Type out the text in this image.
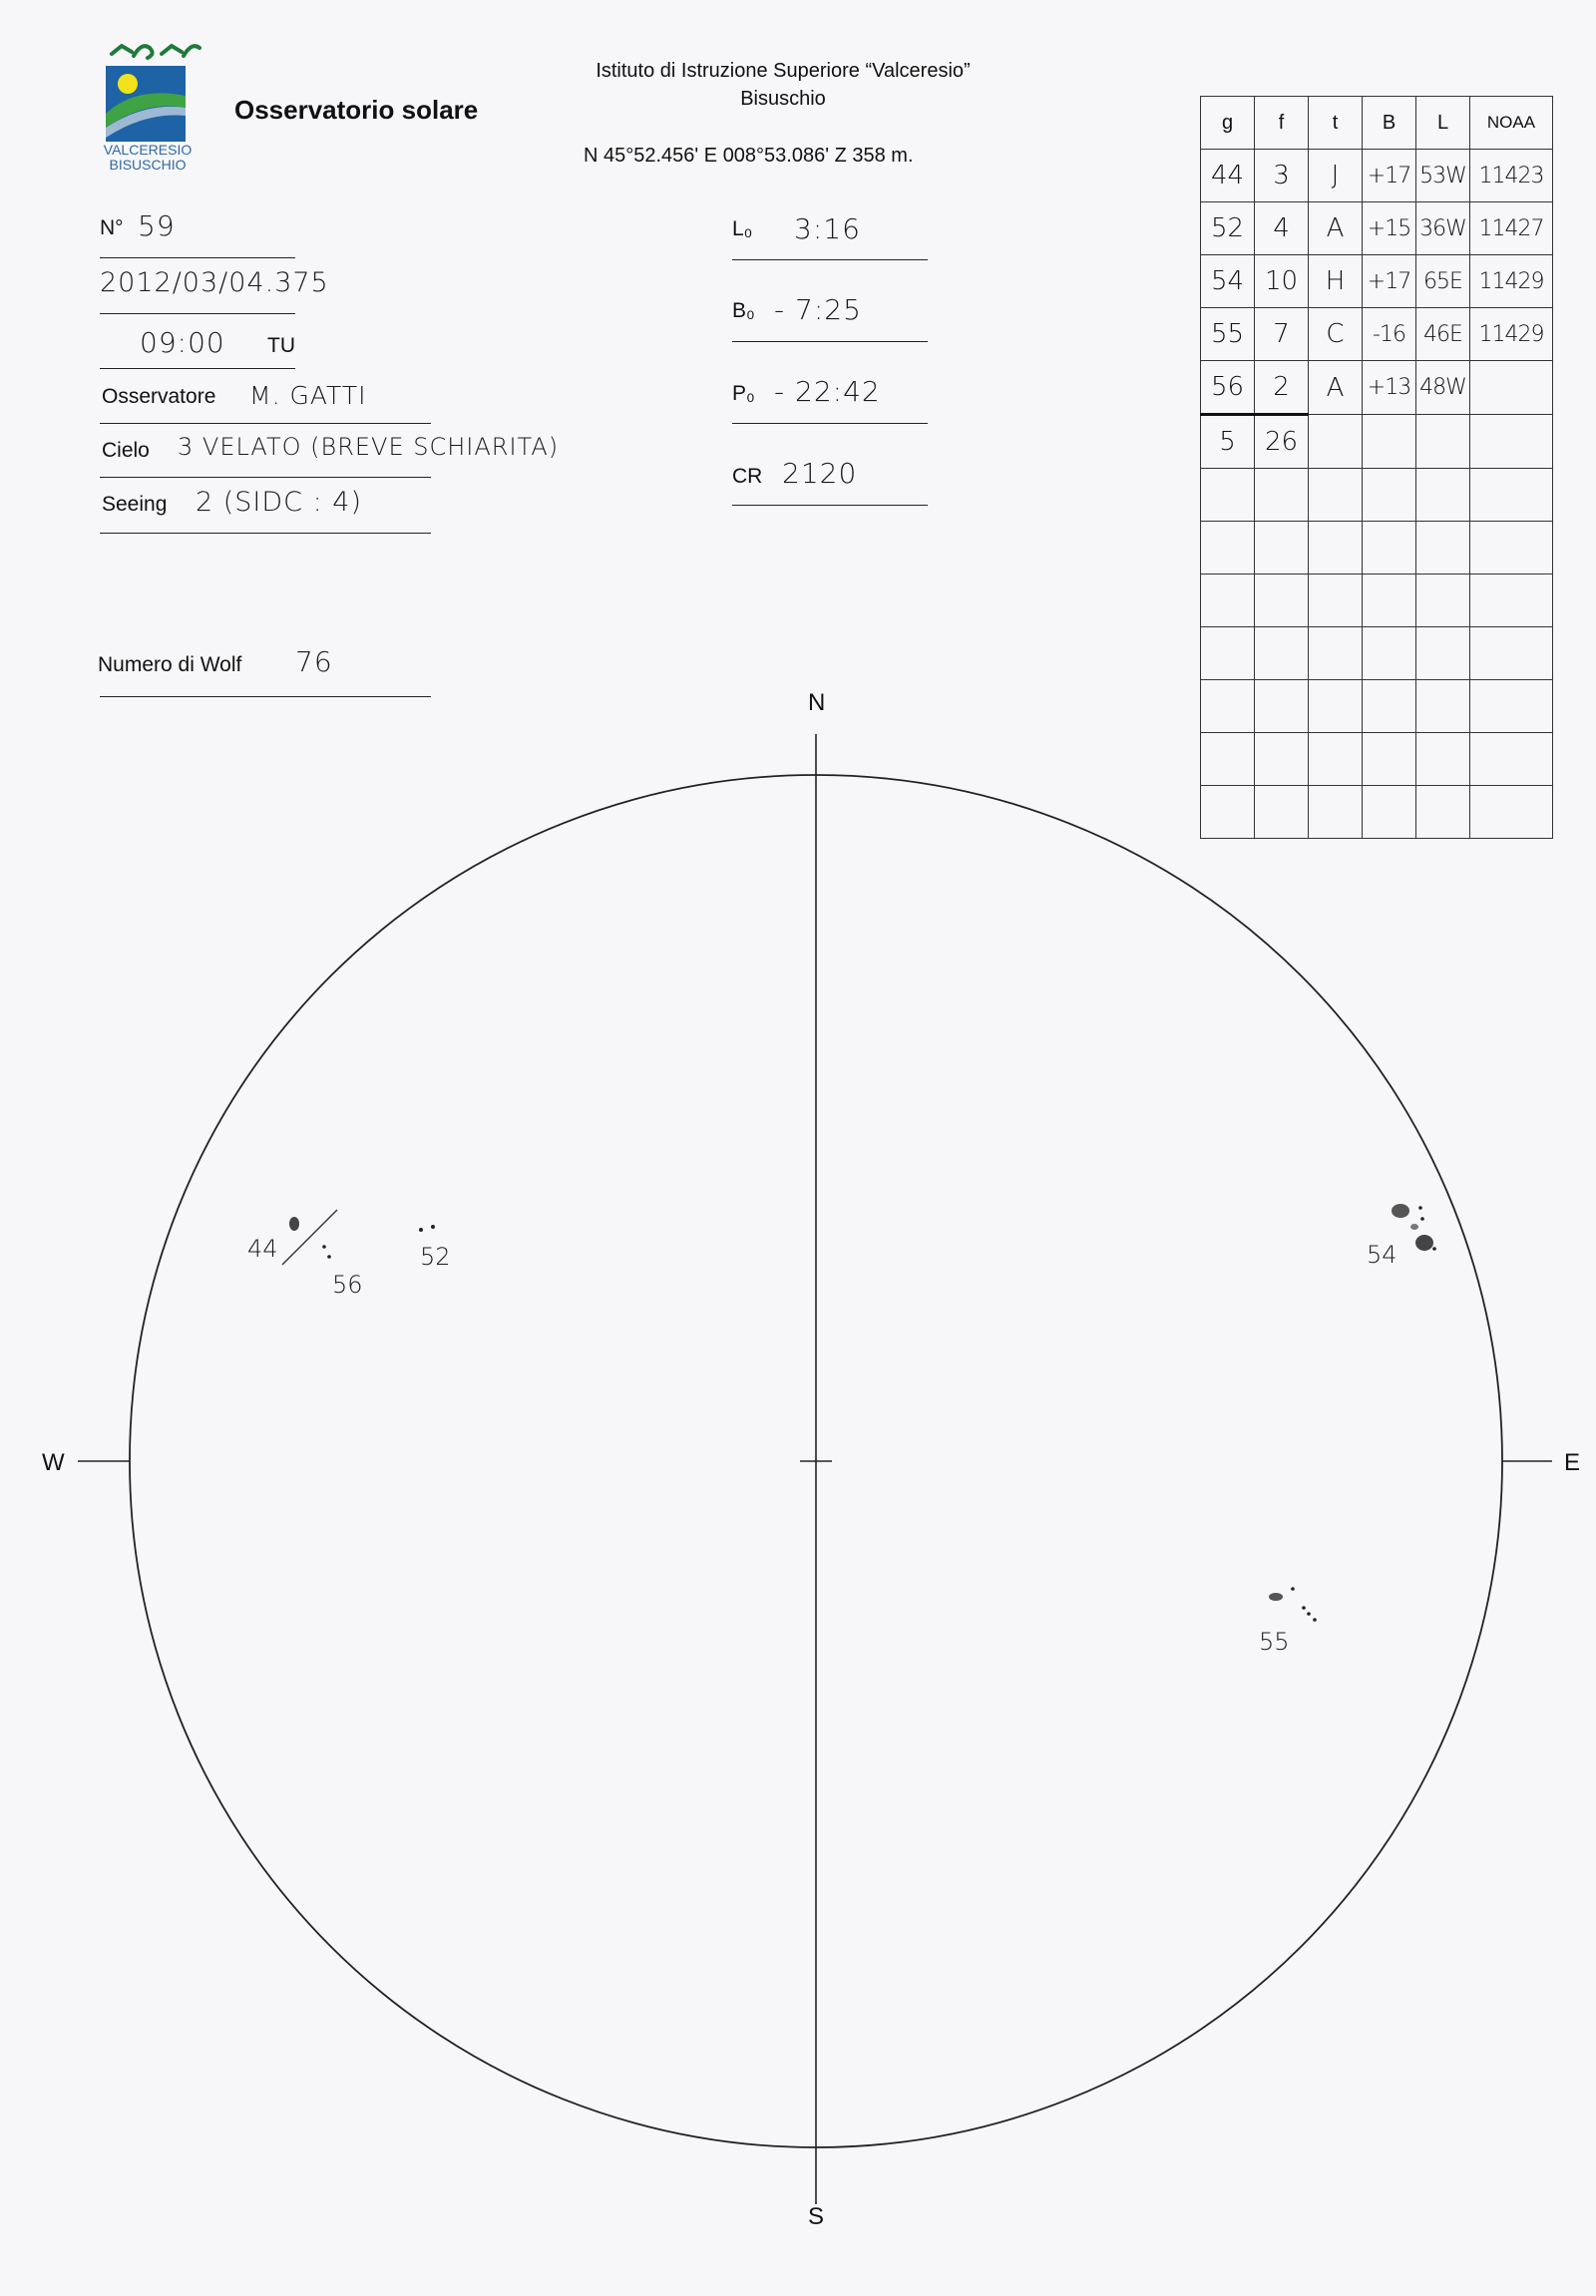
VALCERESIO
BISUSCHIO
Osservatorio solare
Istituto di Istruzione Superiore “Valceresio”
Bisuschio
N 45°52.456' E 008°53.086' Z 358 m.
N° 59
2012/03/04.375
09:00 TU
Osservatore M. GATTI
Cielo 3 VELATO (BREVE SCHIARITA)
Seeing 2 (SIDC : 4)
Numero di Wolf 76
L₀ 3:16
B₀ - 7:25
P₀ - 22:42
CR 2120
g	f	t	B	L	NOAA
44	3	J	+17	53W	11423
52	4	A	+15	36W	11427
54	10	H	+17	65E	11429
55	7	C	-16	46E	11429
56	2	A	+13	48W	
5	26				

N
S
W	E
44
56
52	54
55
